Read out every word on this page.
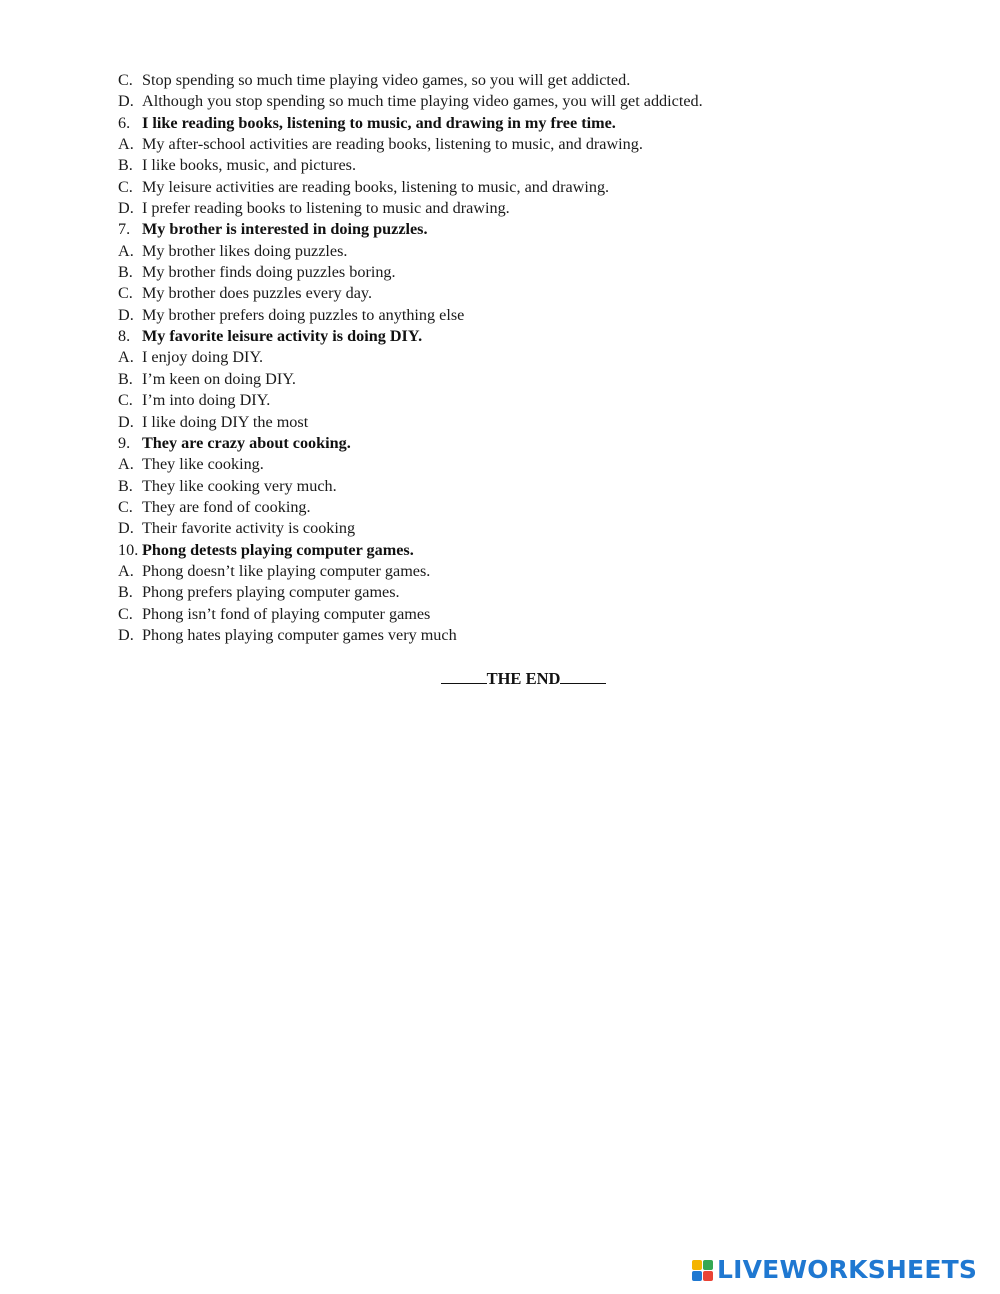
C. Stop spending so much time playing video games, so you will get addicted.
D. Although you stop spending so much time playing video games, you will get addicted.
6. I like reading books, listening to music, and drawing in my free time.
A. My after-school activities are reading books, listening to music, and drawing.
B. I like books, music, and pictures.
C. My leisure activities are reading books, listening to music, and drawing.
D. I prefer reading books to listening to music and drawing.
7. My brother is interested in doing puzzles.
A. My brother likes doing puzzles.
B. My brother finds doing puzzles boring.
C. My brother does puzzles every day.
D. My brother prefers doing puzzles to anything else
8. My favorite leisure activity is doing DIY.
A. I enjoy doing DIY.
B. I’m keen on doing DIY.
C. I’m into doing DIY.
D. I like doing DIY the most
9. They are crazy about cooking.
A. They like cooking.
B. They like cooking very much.
C. They are fond of cooking.
D. Their favorite activity is cooking
10. Phong detests playing computer games.
A. Phong doesn’t like playing computer games.
B. Phong prefers playing computer games.
C. Phong isn’t fond of playing computer games
D. Phong hates playing computer games very much
THE END
LIVEWORKSHEETS
